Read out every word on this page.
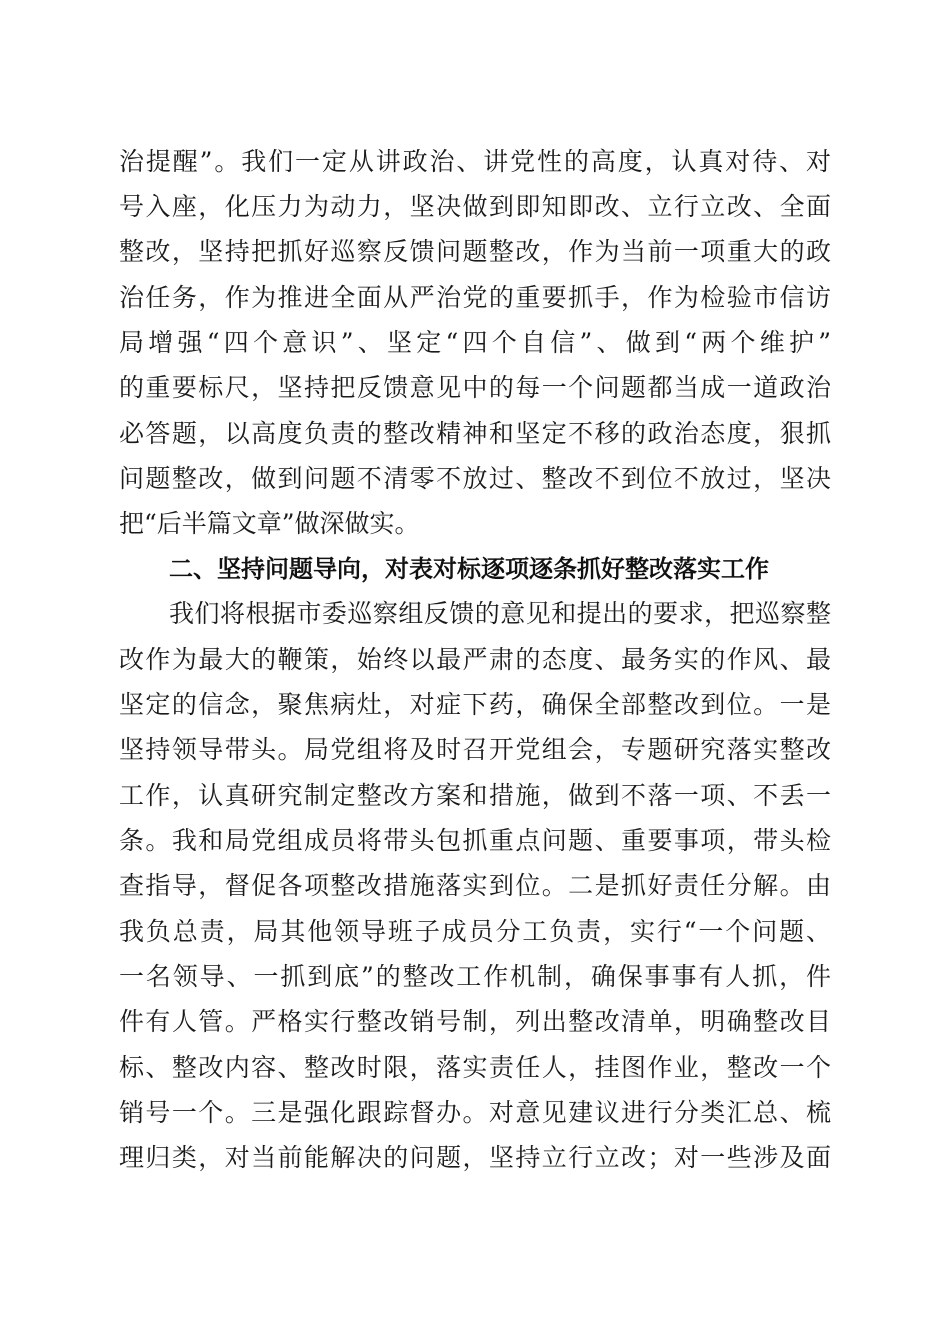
治提醒”。我们一定从讲政治、讲党性的高度，认真对待、对
号入座，化压力为动力，坚决做到即知即改、立行立改、全面
整改，坚持把抓好巡察反馈问题整改，作为当前一项重大的政
治任务，作为推进全面从严治党的重要抓手，作为检验市信访
局增强“四个意识”、坚定“四个自信”、做到“两个维护”
的重要标尺，坚持把反馈意见中的每一个问题都当成一道政治
必答题，以高度负责的整改精神和坚定不移的政治态度，狠抓
问题整改，做到问题不清零不放过、整改不到位不放过，坚决
把“后半篇文章”做深做实。
二、坚持问题导向，对表对标逐项逐条抓好整改落实工作
我们将根据市委巡察组反馈的意见和提出的要求，把巡察整
改作为最大的鞭策，始终以最严肃的态度、最务实的作风、最
坚定的信念，聚焦病灶，对症下药，确保全部整改到位。一是
坚持领导带头。局党组将及时召开党组会，专题研究落实整改
工作，认真研究制定整改方案和措施，做到不落一项、不丢一
条。我和局党组成员将带头包抓重点问题、重要事项，带头检
查指导，督促各项整改措施落实到位。二是抓好责任分解。由
我负总责，局其他领导班子成员分工负责，实行“一个问题、
一名领导、一抓到底”的整改工作机制，确保事事有人抓，件
件有人管。严格实行整改销号制，列出整改清单，明确整改目
标、整改内容、整改时限，落实责任人，挂图作业，整改一个
销号一个。三是强化跟踪督办。对意见建议进行分类汇总、梳
理归类，对当前能解决的问题，坚持立行立改；对一些涉及面
